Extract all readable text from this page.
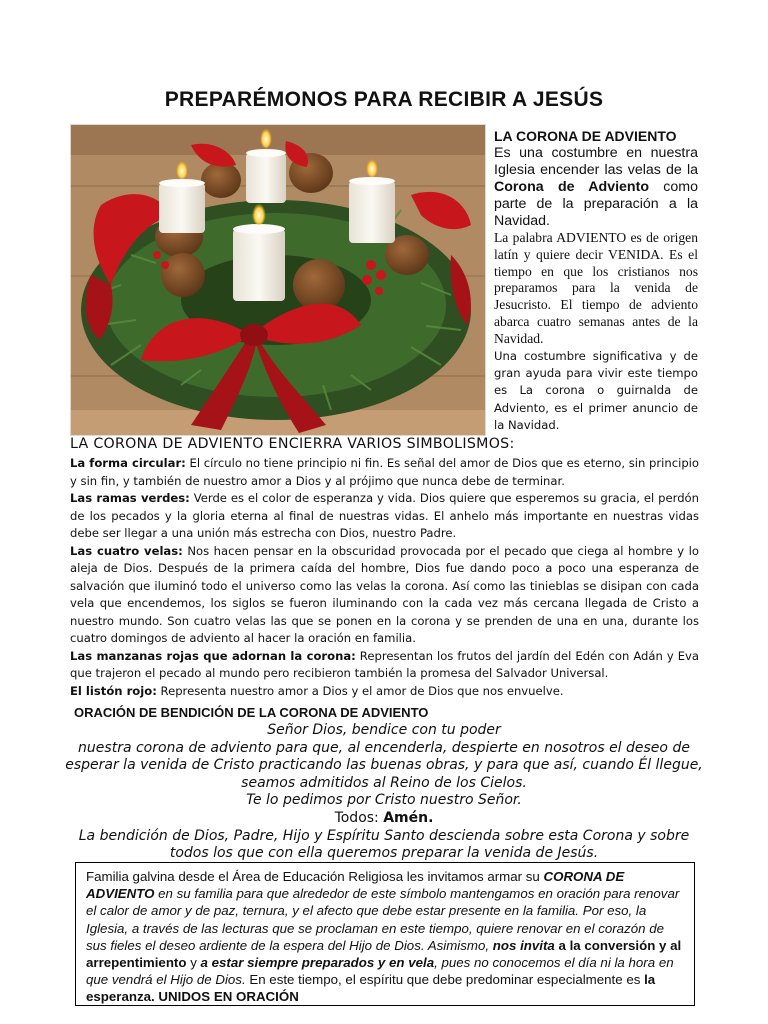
PREPARÉMONOS PARA RECIBIR A JESÚS
LA CORONA DE ADVIENTO
Es una costumbre en nuestra Iglesia encender las velas de la Corona de Adviento como parte de la preparación a la Navidad.
La palabra ADVIENTO es de origen latín y quiere decir VENIDA. Es el tiempo en que los cristianos nos preparamos para la venida de Jesucristo. El tiempo de adviento abarca cuatro semanas antes de la Navidad.
Una costumbre significativa y de gran ayuda para vivir este tiempo es La corona o guirnalda de Adviento, es el primer anuncio de la Navidad.
LA CORONA DE ADVIENTO ENCIERRA VARIOS SIMBOLISMOS:

La forma circular: El círculo no tiene principio ni fin. Es señal del amor de Dios que es eterno, sin principio y sin fin, y también de nuestro amor a Dios y al prójimo que nunca debe de terminar.

Las ramas verdes: Verde es el color de esperanza y vida. Dios quiere que esperemos su gracia, el perdón de los pecados y la gloria eterna al final de nuestras vidas. El anhelo más importante en nuestras vidas debe ser llegar a una unión más estrecha con Dios, nuestro Padre.

Las cuatro velas: Nos hacen pensar en la obscuridad provocada por el pecado que ciega al hombre y lo aleja de Dios. Después de la primera caída del hombre, Dios fue dando poco a poco una esperanza de salvación que iluminó todo el universo como las velas la corona. Así como las tinieblas se disipan con cada vela que encendemos, los siglos se fueron iluminando con la cada vez más cercana llegada de Cristo a nuestro mundo. Son cuatro velas las que se ponen en la corona y se prenden de una en una, durante los cuatro domingos de adviento al hacer la oración en familia.

Las manzanas rojas que adornan la corona: Representan los frutos del jardín del Edén con Adán y Eva que trajeron el pecado al mundo pero recibieron también la promesa del Salvador Universal.

El listón rojo: Representa nuestro amor a Dios y el amor de Dios que nos envuelve.

ORACIÓN DE BENDICIÓN DE LA CORONA DE ADVIENTO
Señor Dios, bendice con tu poder
nuestra corona de adviento para que, al encenderla, despierte en nosotros el deseo de esperar la venida de Cristo practicando las buenas obras, y para que así, cuando Él llegue, seamos admitidos al Reino de los Cielos.
Te lo pedimos por Cristo nuestro Señor.
Todos: Amén.
La bendición de Dios, Padre, Hijo y Espíritu Santo descienda sobre esta Corona y sobre todos los que con ella queremos preparar la venida de Jesús.
Familia galvina desde el Área de Educación Religiosa les invitamos armar su CORONA DE ADVIENTO en su familia para que alrededor de este símbolo mantengamos en oración para renovar el calor de amor y de paz, ternura, y el afecto que debe estar presente en la familia. Por eso, la Iglesia, a través de las lecturas que se proclaman en este tiempo, quiere renovar en el corazón de sus fieles el deseo ardiente de la espera del Hijo de Dios. Asimismo, nos invita a la conversión y al arrepentimiento y a estar siempre preparados y en vela, pues no conocemos el día ni la hora en que vendrá el Hijo de Dios. En este tiempo, el espíritu que debe predominar especialmente es la esperanza. UNIDOS EN ORACIÓN
